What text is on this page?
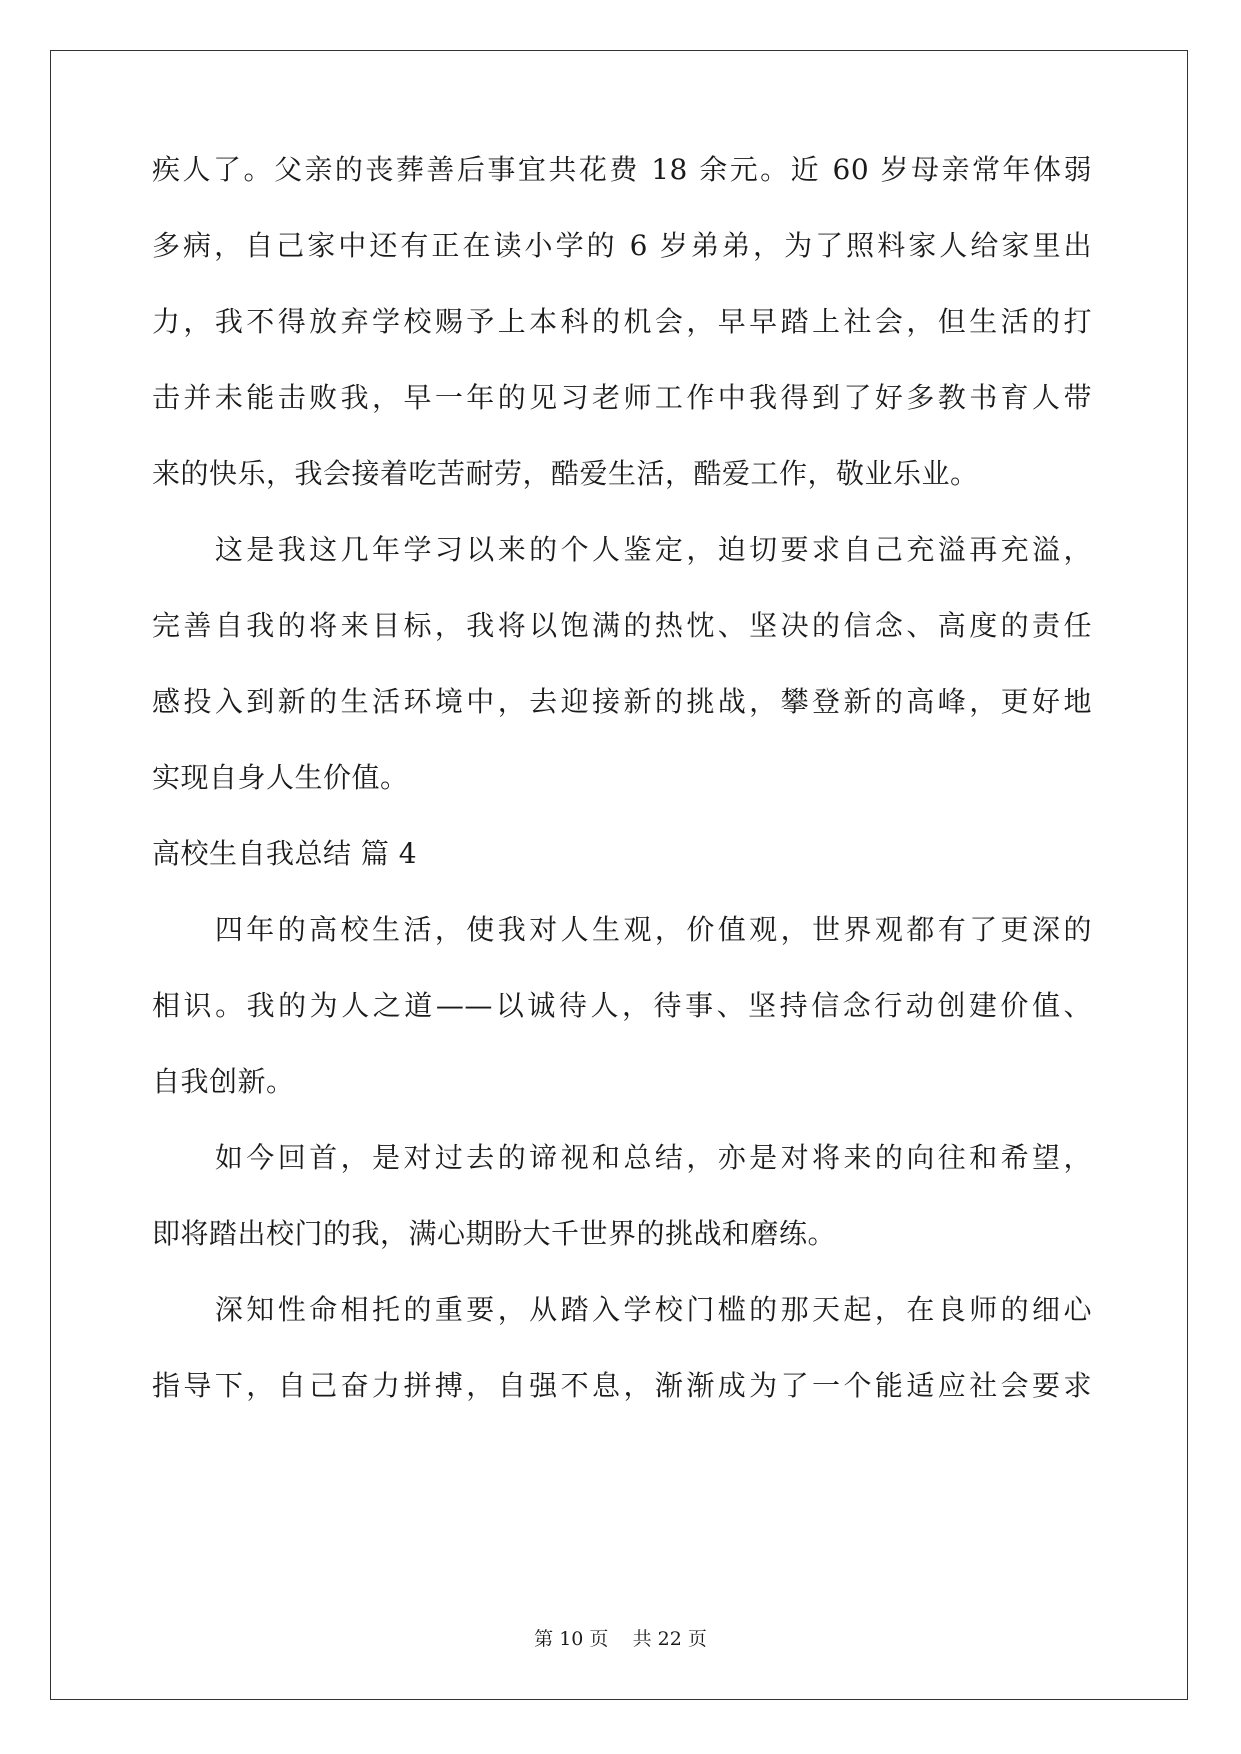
疾人了。父亲的丧葬善后事宜共花费 18 余元。近 60 岁母亲常年体弱
多病，自己家中还有正在读小学的 6 岁弟弟，为了照料家人给家里出
力，我不得放弃学校赐予上本科的机会，早早踏上社会，但生活的打
击并未能击败我，早一年的见习老师工作中我得到了好多教书育人带
来的快乐，我会接着吃苦耐劳，酷爱生活，酷爱工作，敬业乐业。
　　这是我这几年学习以来的个人鉴定，迫切要求自己充溢再充溢，
完善自我的将来目标，我将以饱满的热忱、坚决的信念、高度的责任
感投入到新的生活环境中，去迎接新的挑战，攀登新的高峰，更好地
实现自身人生价值。
高校生自我总结 篇 4
　　四年的高校生活，使我对人生观，价值观，世界观都有了更深的
相识。我的为人之道——以诚待人，待事、坚持信念行动创建价值、
自我创新。
　　如今回首，是对过去的谛视和总结，亦是对将来的向往和希望，
即将踏出校门的我，满心期盼大千世界的挑战和磨练。
　　深知性命相托的重要，从踏入学校门槛的那天起，在良师的细心
指导下，自己奋力拼搏，自强不息，渐渐成为了一个能适应社会要求
第 10 页    共 22 页
